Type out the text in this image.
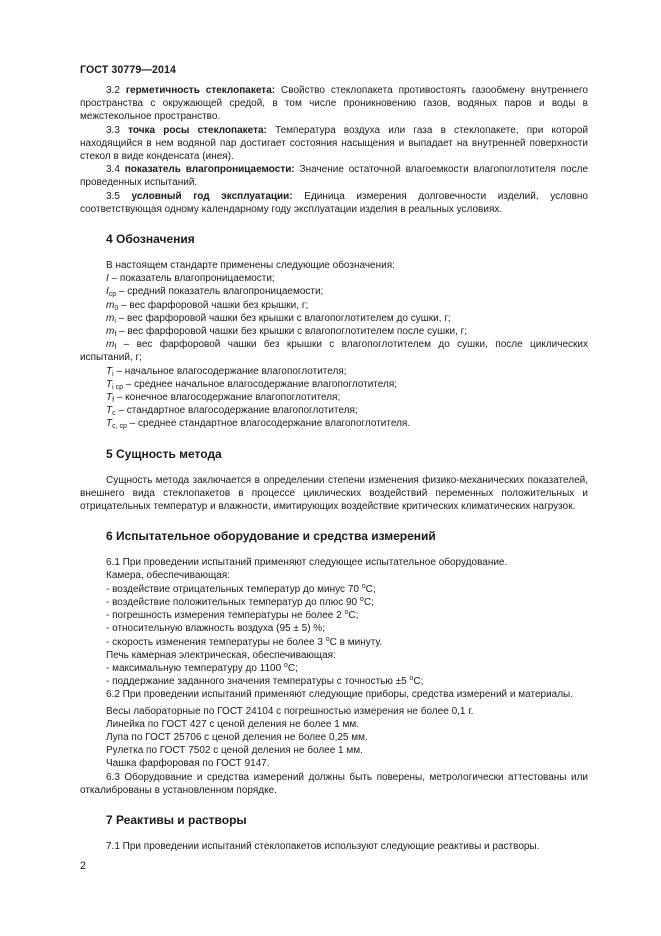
ГОСТ 30779—2014

3.2 герметичность стеклопакета: Свойство стеклопакета противостоять газообмену внутреннего пространства с окружающей средой, в том числе проникновению газов, водяных паров и воды в межстекольное пространство.

3.3 точка росы стеклопакета: Температура воздуха или газа в стеклопакете, при которой находящийся в нем водяной пар достигает состояния насыщения и выпадает на внутренней поверхности стекол в виде конденсата (инея).

3.4 показатель влагопроницаемости: Значение остаточной влагоемкости влагопоглотителя после проведенных испытаний.

3.5 условный год эксплуатации: Единица измерения долговечности изделий, условно соответствующая одному календарному году эксплуатации изделия в реальных условиях.

4 Обозначения

В настоящем стандарте применены следующие обозначения:

I – показатель влагопроницаемости;

$I_{ср}$ – средний показатель влагопроницаемости;

$m_0$ – вес фарфоровой чашки без крышки, г;

$m_i$ – вес фарфоровой чашки без крышки с влагопоглотителем до сушки, г;

$m_f$ – вес фарфоровой чашки без крышки с влагопоглотителем после сушки, г;

$m_f$ – вес фарфоровой чашки без крышки с влагопоглотителем до сушки, после циклических испытаний, г;

$T_i$ – начальное влагосодержание влагопоглотителя;

$T_{i ср}$ – среднее начальное влагосодержание влагопоглотителя;

$T_f$ – конечное влагосодержание влагопоглотителя;

$T_c$ – стандартное влагосодержание влагопоглотителя;

$T_{c, ср}$ – среднее стандартное влагосодержание влагопоглотителя.

5 Сущность метода

Сущность метода заключается в определении степени изменения физико-механических показателей, внешнего вида стеклопакетов в процессе циклических воздействий переменных положительных и отрицательных температур и влажности, имитирующих воздействие критических климатических нагрузок.

6 Испытательное оборудование и средства измерений

6.1 При проведении испытаний применяют следующее испытательное оборудование.

Камера, обеспечивающая:

- воздействие отрицательных температур до минус 70 $^о$С;

- воздействие положительных температур до плюс 90 $^о$С;

- погрешность измерения температуры не более 2 $^о$С;

- относительную влажность воздуха (95 ± 5) %;

- скорость изменения температуры не более 3 $^о$С в минуту.

Печь камерная электрическая, обеспечивающая:

- максимальную температуру до 1100 $^о$С;

- поддержание заданного значения температуры с точностью ±5 $^о$С;

6.2 При проведении испытаний применяют следующие приборы, средства измерений и материалы.

Весы лабораторные по ГОСТ 24104 с погрешностью измерения не более 0,1 г.

Линейка по ГОСТ 427 с ценой деления не более 1 мм.

Лупа по ГОСТ 25706 с ценой деления не более 0,25 мм.

Рулетка по ГОСТ 7502 с ценой деления не более 1 мм.

Чашка фарфоровая по ГОСТ 9147.

6.3 Оборудование и средства измерений должны быть поверены, метрологически аттестованы или откалиброваны в установленном порядке.

7 Реактивы и растворы

7.1 При проведении испытаний стеклопакетов используют следующие реактивы и растворы.

2
